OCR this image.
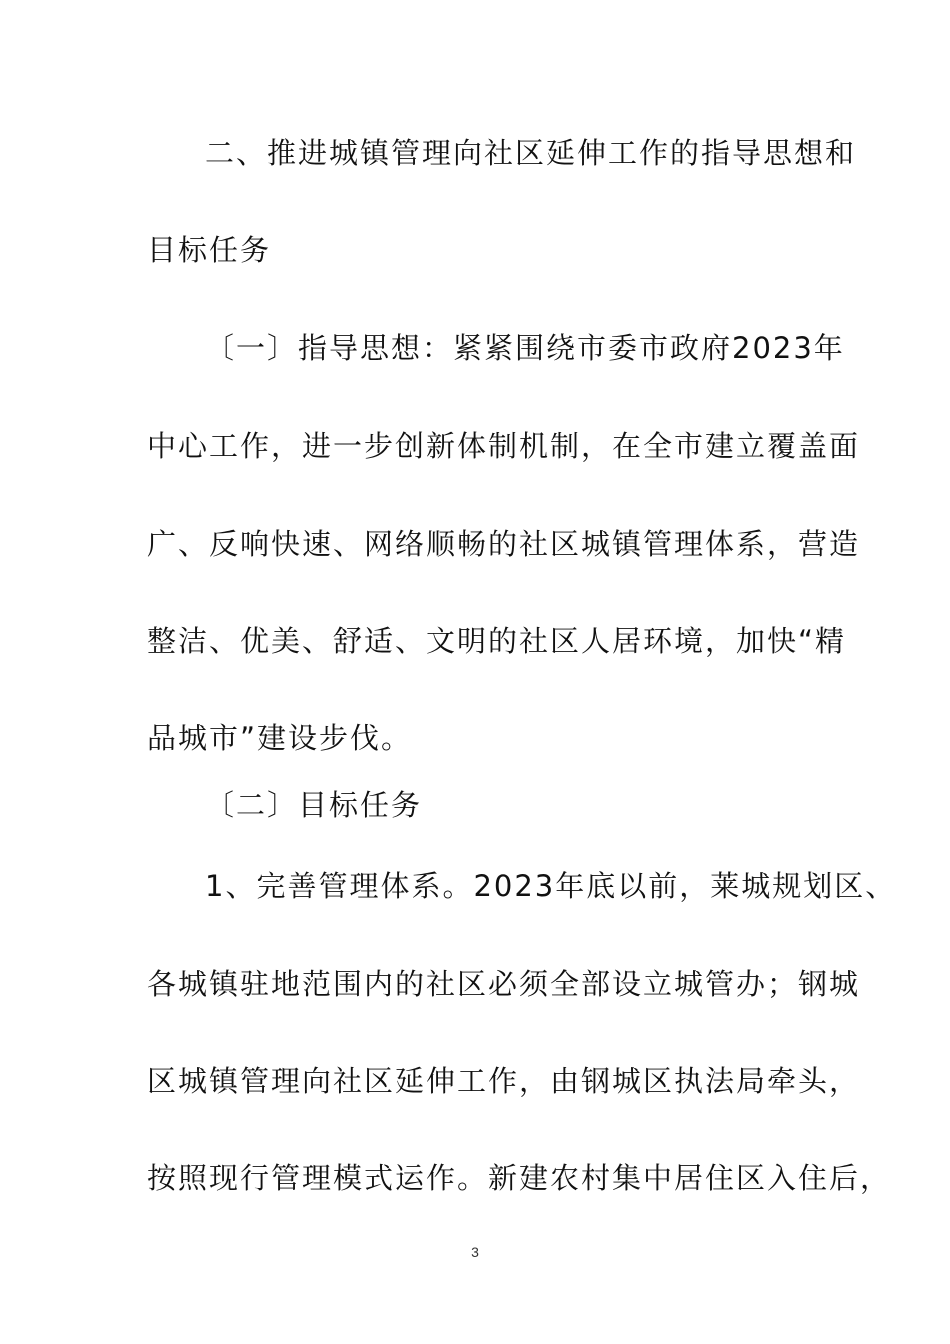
二、推进城镇管理向社区延伸工作的指导思想和
目标任务
〔一〕指导思想：紧紧围绕市委市政府2023年
中心工作，进一步创新体制机制，在全市建立覆盖面
广、反响快速、网络顺畅的社区城镇管理体系，营造
整洁、优美、舒适、文明的社区人居环境，加快“精
品城市”建设步伐。
〔二〕目标任务
1、完善管理体系。2023年底以前，莱城规划区、
各城镇驻地范围内的社区必须全部设立城管办；钢城
区城镇管理向社区延伸工作，由钢城区执法局牵头，
按照现行管理模式运作。新建农村集中居住区入住后，
3
